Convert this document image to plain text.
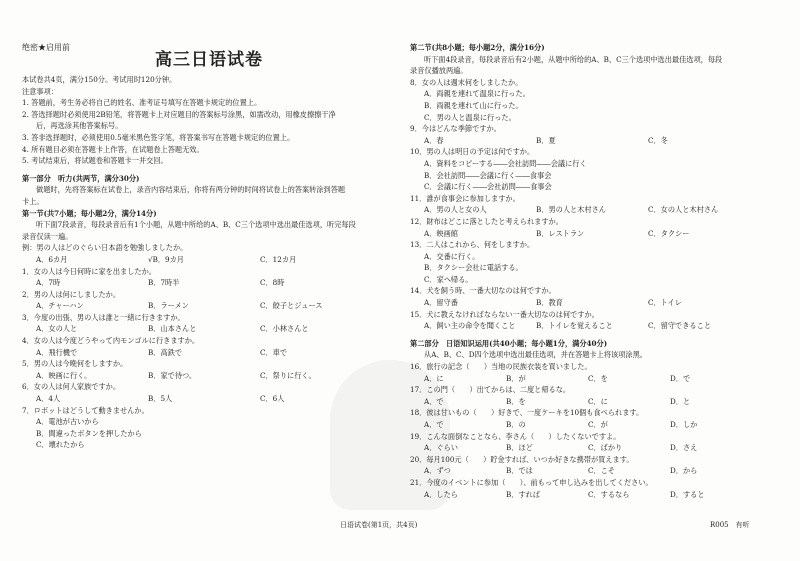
绝密★启用前
高三日语试卷
本试卷共4页，满分150分。考试用时120分钟。
注意事项：
1. 答题前，考生务必将自己的姓名、准考证号填写在答题卡规定的位置上。
2. 答选择题时必须使用2B铅笔，将答题卡上对应题目的答案标号涂黑，如需改动，用橡皮擦擦干净
后，再选涂其他答案标号。
3. 答非选择题时，必须使用0.5毫米黑色签字笔，将答案书写在答题卡规定的位置上。
4. 所有题目必须在答题卡上作答，在试题卷上答题无效。
5. 考试结束后，将试题卷和答题卡一并交回。
第一部分　听力(共两节，满分30分)
做题时，先将答案标在试卷上，录音内容结束后，你将有两分钟的时间将试卷上的答案转涂到答题
卡上。
第一节(共7小题；每小题2分，满分14分)
听下面7段录音，每段录音后有1个小题，从题中所给的A、B、C三个选项中选出最佳选项，听完每段
录音仅读一遍。
例：男の人はどのぐらい日本語を勉強しましたか。
A．6カ月	√B．9カ月	C．12カ月
1．女の人は今日何時に家を出ましたか。
A．7時	B．7時半	C．8時
2．男の人は何にしましたか。
A．チャーハン	B．ラーメン	C．餃子とジュース
3．今度の出張、男の人は誰と一緒に行きますか。
A．女の人と	B．山本さんと	C．小林さんと
4．女の人は今度どうやって内モンゴルに行きますか。
A．飛行機で	B．高鉄で	C．車で
5．男の人は今晩何をしますか。
A．映画に行く。	B．家で待つ。	C．祭りに行く。
6．女の人は何人家族ですか。
A．4人	B．5人	C．6人
7．ロボットはどうして動きませんか。
A．電池が古いから
B．間違ったボタンを押したから
C．壊れたから
第二节(共8小题；每小题2分，满分16分)
听下面4段录音，每段录音后有2小题，从题中所给的A、B、C三个选项中选出最佳选项，每段
录音仅播放两遍。
8．女の人は週末何をしましたか。
A．両親を連れて温泉に行った。
B．両親を連れて山に行った。
C．男の人と温泉に行った。
9．今はどんな季節ですか。
A．春	B．夏	C．冬
10．男の人は明日の予定は何ですか。
A．資料をコピーする――会社訪問――会議に行く
B．会社訪問――会議に行く――食事会
C．会議に行く――会社訪問――食事会
11．誰が食事会に参加しますか。
A．男の人と女の人	B．男の人と木村さん	C．女の人と木村さん
12．財布はどこに落としたと考えられますか。
A．映画館	B．レストラン	C．タクシー
13．二人はこれから、何をしますか。
A．交番に行く。
B．タクシー会社に電話する。
C．家へ帰る。
14．犬を飼う時、一番大切なのは何ですか。
A．留守番	B．教育	C．トイレ
15．犬に教えなければならない一番大切なのは何ですか。
A．飼い主の命令を聞くこと	B．トイレを覚えること	C．留守できること
第二部分　日语知识运用(共40小题；每小题1分，满分40分)
从A、B、C、D四个选项中选出最佳选项，并在答题卡上将该项涂黑。
16．旅行の記念（　　）当地の民族衣装を買いました。
A．に	B．が	C．を	D．で
17．この門（　　）出てからは、二度と帰るな。
A．で	B．を	C．に	D．と
18．彼は甘いもの（　　）好きで、一度ケーキを10個も食べられます。
A．で	B．の	C．が	D．しか
19．こんな面倒なことなら、李さん（　　）したくないですよ。
A．ぐらい	B．ほど	C．ばかり	D．さえ
20．毎月100元（　　）貯金すれば、いつか好きな携帯が買えます。
A．ずつ	B．では	C．こそ	D．から
21．今度のイベントに参加（　　）、前もって申し込みを出してください。
A．したら	B．すれば	C．するなら	D．すると
日语试卷(第1页，共4页)	R005　有听
